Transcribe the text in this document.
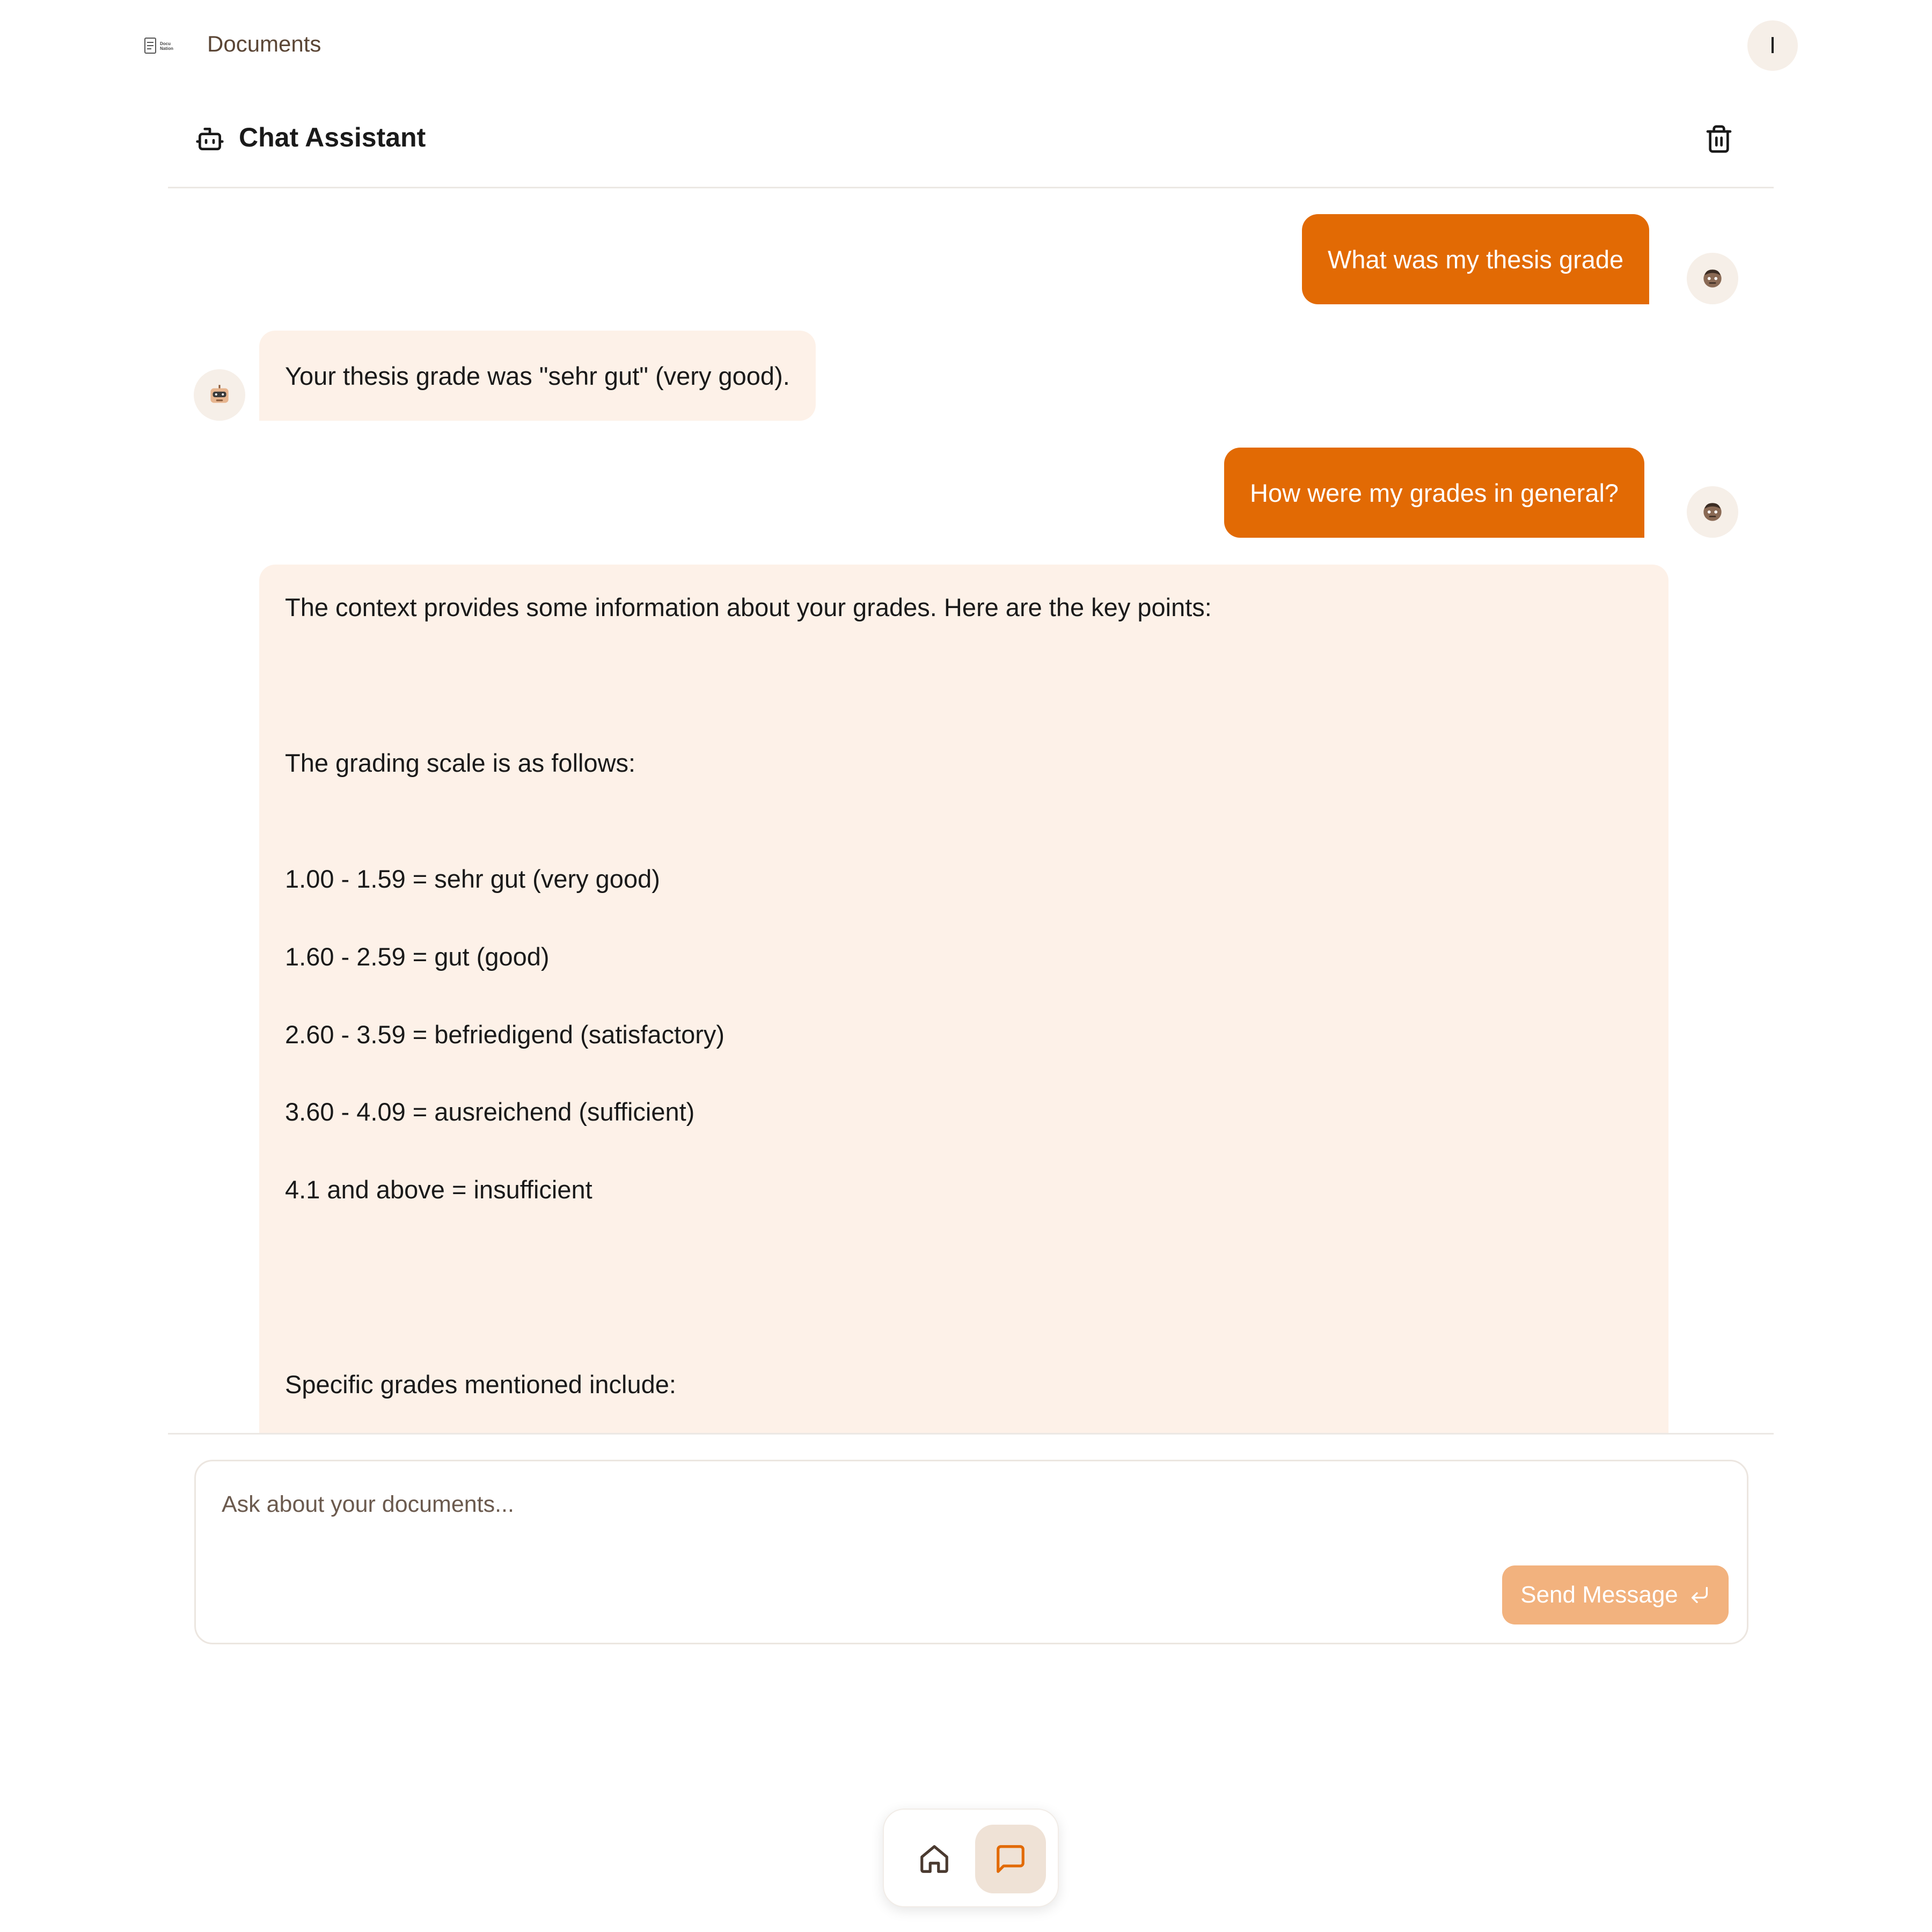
Docu
Nation Documents	I
Chat Assistant
What was my thesis grade
Your thesis grade was "sehr gut" (very good).
How were my grades in general?
The context provides some information about your grades. Here are the key points:
The grading scale is as follows:
1.00 - 1.59 = sehr gut (very good)
1.60 - 2.59 = gut (good)
2.60 - 3.59 = befriedigend (satisfactory)
3.60 - 4.09 = ausreichend (sufficient)
4.1 and above = insufficient
Specific grades mentioned include:
Ask about your documents...
Send Message
